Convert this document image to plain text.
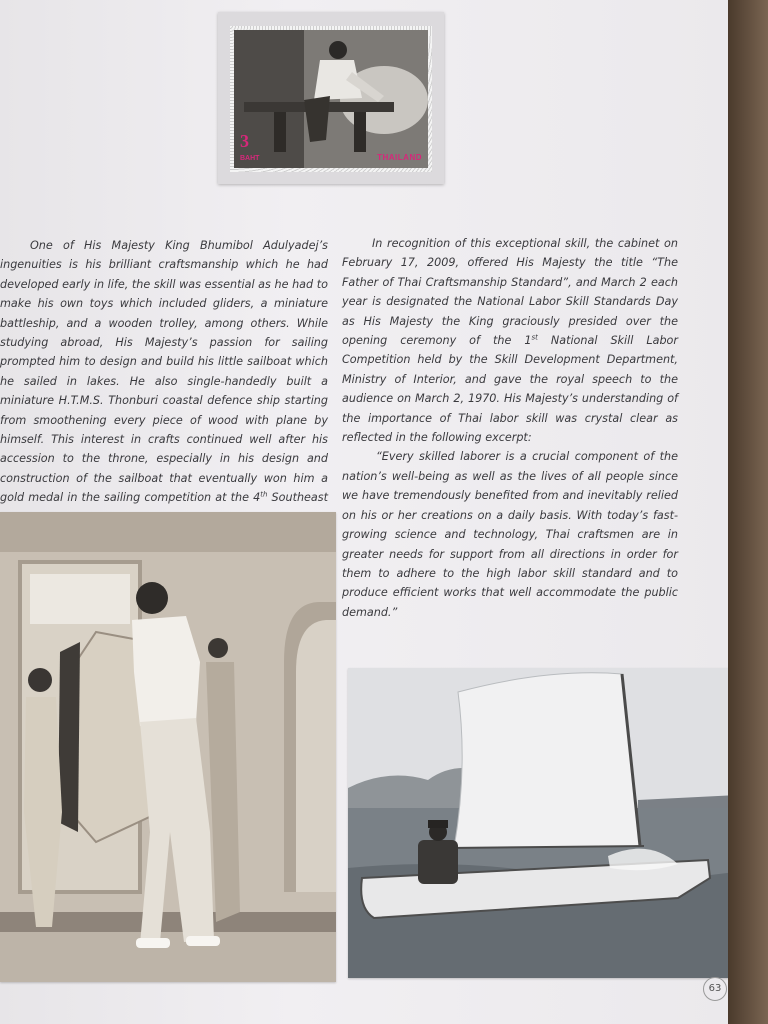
3
BAHT	THAILAND

One of His Majesty King Bhumibol Adulyadej’s ingenuities is his brilliant craftsmanship which he had developed early in life, the skill was essential as he had to make his own toys which included gliders, a miniature battleship, and a wooden trolley, among others. While studying abroad, His Majesty’s passion for sailing prompted him to design and build his little sailboat which he sailed in lakes. He also single-handedly built a miniature H.T.M.S. Thonburi coastal defence ship starting from smoothening every piece of wood with plane by himself. This interest in crafts continued well after his accession to the throne, especially in his design and construction of the sailboat that eventually won him a gold medal in the sailing competition at the 4th Southeast

In recognition of this exceptional skill, the cabinet on February 17, 2009, offered His Majesty the title “The Father of Thai Craftsmanship Standard”, and March 2 each year is designated the National Labor Skill Standards Day as His Majesty the King graciously presided over the opening ceremony of the 1st National Skill Labor Competition held by the Skill Development Department, Ministry of Interior, and gave the royal speech to the audience on March 2, 1970. His Majesty’s understanding of the importance of Thai labor skill was crystal clear as reflected in the following excerpt:

“Every skilled laborer is a crucial component of the nation’s well-being as well as the lives of all people since we have tremendously benefited from and inevitably relied on his or her creations on a daily basis. With today’s fast-growing science and technology, Thai craftsmen are in greater needs for support from all directions in order for them to adhere to the high labor skill standard and to produce efficient works that well accommodate the public demand.”

63
